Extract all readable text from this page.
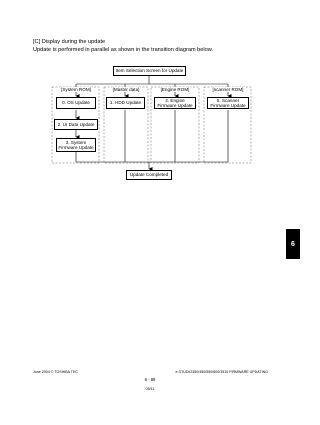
[C] Display during the update
Update is performed in parallel as shown in the transition diagram below.
Item Selection Screen for Update
[System ROM]	[Master data]	[Engine ROM]	[scanner ROM]
0. OS Update	1. HDD Update
4. Engine
Firmware Update
5. Scanner
Firmware Update
2. UI Data Update
3. System
Firmware Update
Update Completed
6
June 2004 © TOSHIBA TEC	e-STUDIO350/450/550/600/3510 FIRMWARE UPDATING
6 - 89
05/11
